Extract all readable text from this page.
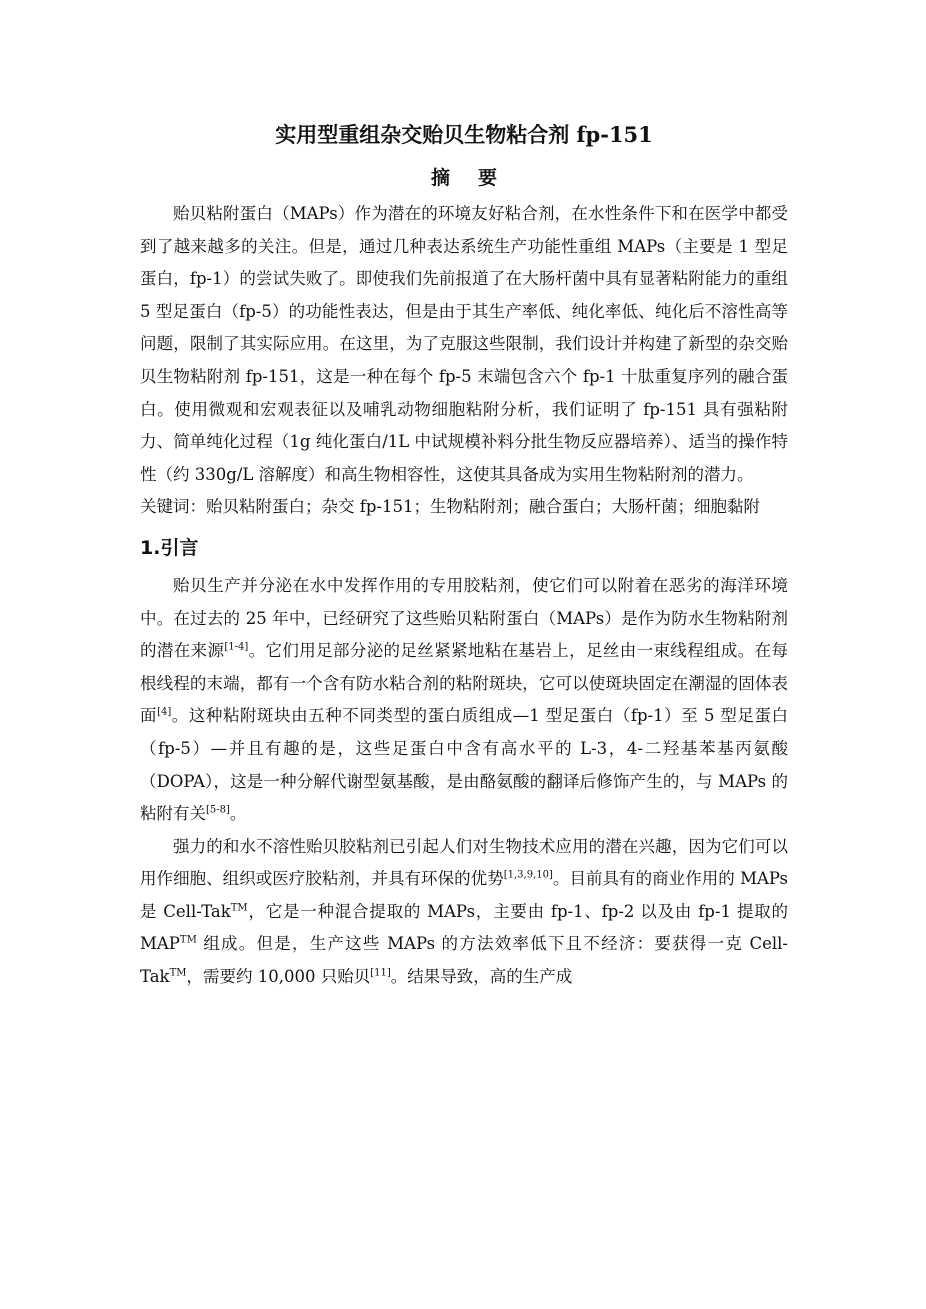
实用型重组杂交贻贝生物粘合剂 fp-151
摘要

贻贝粘附蛋白（MAPs）作为潜在的环境友好粘合剂，在水性条件下和在医学中都受到了越来越多的关注。但是，通过几种表达系统生产功能性重组 MAPs（主要是 1 型足蛋白，fp-1）的尝试失败了。即使我们先前报道了在大肠杆菌中具有显著粘附能力的重组 5 型足蛋白（fp-5）的功能性表达，但是由于其生产率低、纯化率低、纯化后不溶性高等问题，限制了其实际应用。在这里，为了克服这些限制，我们设计并构建了新型的杂交贻贝生物粘附剂 fp-151，这是一种在每个 fp-5 末端包含六个 fp-1 十肽重复序列的融合蛋白。使用微观和宏观表征以及哺乳动物细胞粘附分析，我们证明了 fp-151 具有强粘附力、简单纯化过程（1g 纯化蛋白/1L 中试规模补料分批生物反应器培养）、适当的操作特性（约 330g/L 溶解度）和高生物相容性，这使其具备成为实用生物粘附剂的潜力。

关键词：贻贝粘附蛋白；杂交 fp-151；生物粘附剂；融合蛋白；大肠杆菌；细胞黏附

1.引言

贻贝生产并分泌在水中发挥作用的专用胶粘剂，使它们可以附着在恶劣的海洋环境中。在过去的 25 年中，已经研究了这些贻贝粘附蛋白（MAPs）是作为防水生物粘附剂的潜在来源[1-4]。它们用足部分泌的足丝紧紧地粘在基岩上，足丝由一束线程组成。在每根线程的末端，都有一个含有防水粘合剂的粘附斑块，它可以使斑块固定在潮湿的固体表面[4]。这种粘附斑块由五种不同类型的蛋白质组成—1 型足蛋白（fp-1）至 5 型足蛋白（fp-5）—并且有趣的是，这些足蛋白中含有高水平的 L-3，4-二羟基苯基丙氨酸（DOPA），这是一种分解代谢型氨基酸，是由酪氨酸的翻译后修饰产生的，与 MAPs 的粘附有关[5-8]。

强力的和水不溶性贻贝胶粘剂已引起人们对生物技术应用的潜在兴趣，因为它们可以用作细胞、组织或医疗胶粘剂，并具有环保的优势[1,3,9,10]。目前具有的商业作用的 MAPs 是 Cell-Tak™，它是一种混合提取的 MAPs，主要由 fp-1、fp-2 以及由 fp-1 提取的 MAP™ 组成。但是，生产这些 MAPs 的方法效率低下且不经济：要获得一克 Cell-Tak™，需要约 10,000 只贻贝[11]。结果导致，高的生产成
